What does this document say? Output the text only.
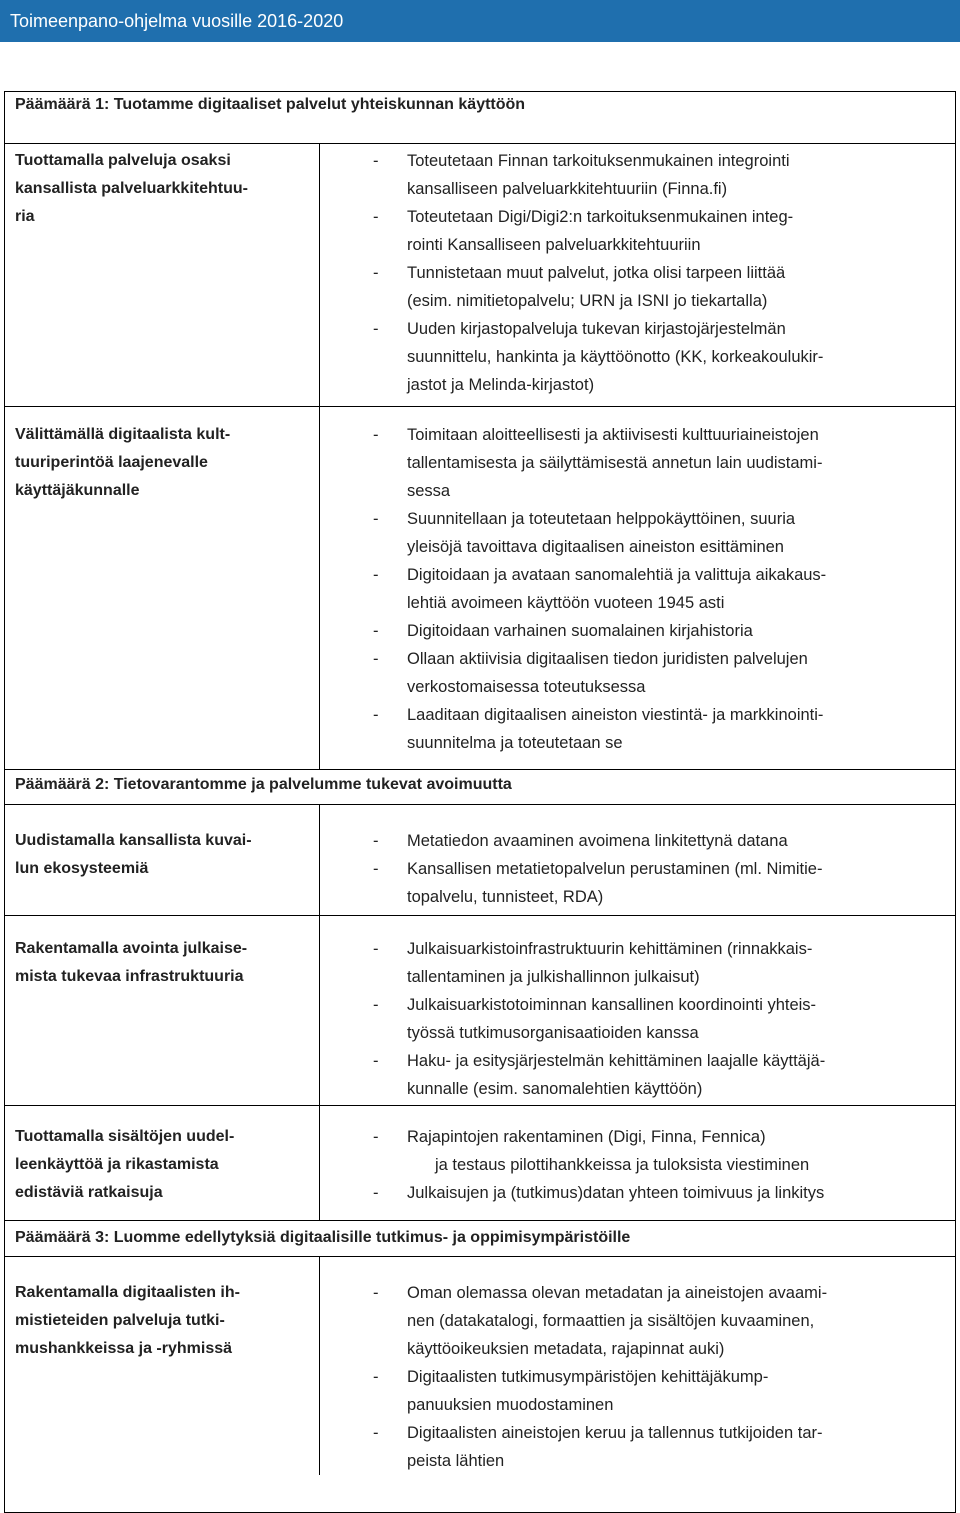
Toimeenpano-ohjelma vuosille 2016-2020
Päämäärä 1: Tuotamme digitaaliset palvelut yhteiskunnan käyttöön
Tuottamalla palveluja osaksi
kansallista palveluarkkitehtuu-
ria
- Toteutetaan Finnan tarkoituksenmukainen integrointi
kansalliseen palveluarkkitehtuuriin (Finna.fi)
- Toteutetaan Digi/Digi2:n tarkoituksenmukainen integ-
rointi Kansalliseen palveluarkkitehtuuriin
- Tunnistetaan muut palvelut, jotka olisi tarpeen liittää
(esim. nimitietopalvelu; URN ja ISNI jo tiekartalla)
- Uuden kirjastopalveluja tukevan kirjastojärjestelmän
suunnittelu, hankinta ja käyttöönotto (KK, korkeakoulukir-
jastot ja Melinda-kirjastot)
Välittämällä digitaalista kult-
tuuriperintöä laajenevalle
käyttäjäkunnalle
- Toimitaan aloitteellisesti ja aktiivisesti kulttuuriaineistojen
tallentamisesta ja säilyttämisestä annetun lain uudistami-
sessa
- Suunnitellaan ja toteutetaan helppokäyttöinen, suuria
yleisöjä tavoittava digitaalisen aineiston esittäminen
- Digitoidaan ja avataan sanomalehtiä ja valittuja aikakaus-
lehtiä avoimeen käyttöön vuoteen 1945 asti
- Digitoidaan varhainen suomalainen kirjahistoria
- Ollaan aktiivisia digitaalisen tiedon juridisten palvelujen
verkostomaisessa toteutuksessa
- Laaditaan digitaalisen aineiston viestintä- ja markkinointi-
suunnitelma ja toteutetaan se
Päämäärä 2: Tietovarantomme ja palvelumme tukevat avoimuutta
Uudistamalla kansallista kuvai-
lun ekosysteemiä
- Metatiedon avaaminen avoimena linkitettynä datana
- Kansallisen metatietopalvelun perustaminen (ml. Nimitie-
topalvelu, tunnisteet, RDA)
Rakentamalla avointa julkaise-
mista tukevaa infrastruktuuria
- Julkaisuarkistoinfrastruktuurin kehittäminen (rinnakkais-
tallentaminen ja julkishallinnon julkaisut)
- Julkaisuarkistotoiminnan kansallinen koordinointi yhteis-
työssä tutkimusorganisaatioiden kanssa
- Haku- ja esitysjärjestelmän kehittäminen laajalle käyttäjä-
kunnalle (esim. sanomalehtien käyttöön)
Tuottamalla sisältöjen uudel-
leenkäyttöä ja rikastamista
edistäviä ratkaisuja
- Rajapintojen rakentaminen (Digi, Finna, Fennica)
ja testaus pilottihankkeissa ja tuloksista viestiminen
- Julkaisujen ja (tutkimus)datan yhteen toimivuus ja linkitys
Päämäärä 3: Luomme edellytyksiä digitaalisille tutkimus- ja oppimisympäristöille
Rakentamalla digitaalisten ih-
mistieteiden palveluja tutki-
mushankkeissa ja -ryhmissä
- Oman olemassa olevan metadatan ja aineistojen avaami-
nen (datakatalogi, formaattien ja sisältöjen kuvaaminen,
käyttöoikeuksien metadata, rajapinnat auki)
- Digitaalisten tutkimusympäristöjen kehittäjäkump-
panuuksien muodostaminen
- Digitaalisten aineistojen keruu ja tallennus tutkijoiden tar-
peista lähtien
